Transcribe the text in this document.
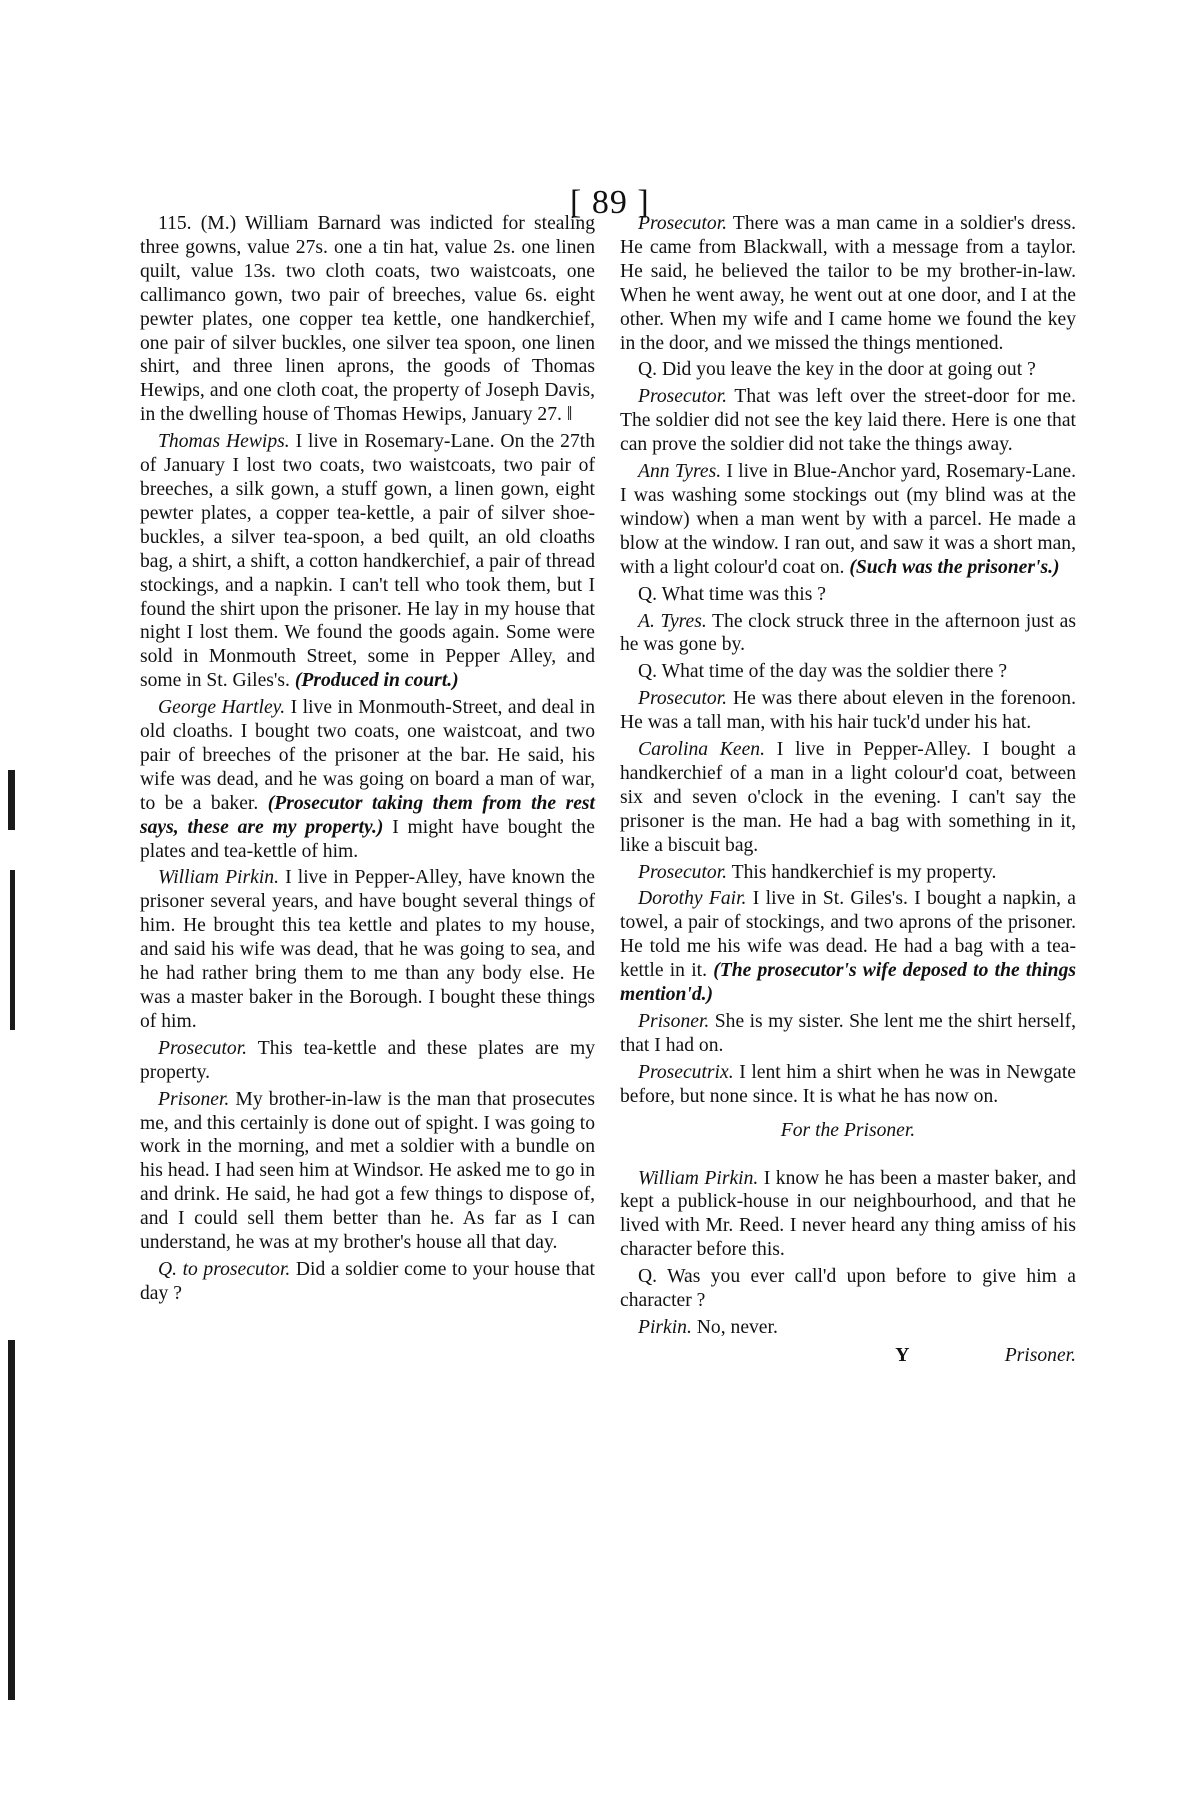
[ 89 ]

115. (M.) William Barnard was indicted for stealing three gowns, value 27s. one a tin hat, value 2s. one linen quilt, value 13s. two cloth coats, two waistcoats, one callimanco gown, two pair of breeches, value 6s. eight pewter plates, one copper tea kettle, one handkerchief, one pair of silver buckles, one silver tea spoon, one linen shirt, and three linen aprons, the goods of Thomas Hewips, and one cloth coat, the property of Joseph Davis, in the dwelling house of Thomas Hewips, January 27. ‖

Thomas Hewips. I live in Rosemary-Lane. On the 27th of January I lost two coats, two waistcoats, two pair of breeches, a silk gown, a stuff gown, a linen gown, eight pewter plates, a copper tea-kettle, a pair of silver shoe-buckles, a silver tea-spoon, a bed quilt, an old cloaths bag, a shirt, a shift, a cotton handkerchief, a pair of thread stockings, and a napkin. I can't tell who took them, but I found the shirt upon the prisoner. He lay in my house that night I lost them. We found the goods again. Some were sold in Monmouth Street, some in Pepper Alley, and some in St. Giles's. (Produced in court.)

George Hartley. I live in Monmouth-Street, and deal in old cloaths. I bought two coats, one waistcoat, and two pair of breeches of the prisoner at the bar. He said, his wife was dead, and he was going on board a man of war, to be a baker. (Prosecutor taking them from the rest says, these are my property.) I might have bought the plates and tea-kettle of him.

William Pirkin. I live in Pepper-Alley, have known the prisoner several years, and have bought several things of him. He brought this tea kettle and plates to my house, and said his wife was dead, that he was going to sea, and he had rather bring them to me than any body else. He was a master baker in the Borough. I bought these things of him.

Prosecutor. This tea-kettle and these plates are my property.

Prisoner. My brother-in-law is the man that prosecutes me, and this certainly is done out of spight. I was going to work in the morning, and met a soldier with a bundle on his head. I had seen him at Windsor. He asked me to go in and drink. He said, he had got a few things to dispose of, and I could sell them better than he. As far as I can understand, he was at my brother's house all that day.

Q. to prosecutor. Did a soldier come to your house that day ?

Prosecutor. There was a man came in a soldier's dress. He came from Blackwall, with a message from a taylor. He said, he believed the tailor to be my brother-in-law. When he went away, he went out at one door, and I at the other. When my wife and I came home we found the key in the door, and we missed the things mentioned.

Q. Did you leave the key in the door at going out ?

Prosecutor. That was left over the street-door for me. The soldier did not see the key laid there. Here is one that can prove the soldier did not take the things away.

Ann Tyres. I live in Blue-Anchor yard, Rosemary-Lane. I was washing some stockings out (my blind was at the window) when a man went by with a parcel. He made a blow at the window. I ran out, and saw it was a short man, with a light colour'd coat on. (Such was the prisoner's.)

Q. What time was this ?

A. Tyres. The clock struck three in the afternoon just as he was gone by.

Q. What time of the day was the soldier there ?

Prosecutor. He was there about eleven in the forenoon. He was a tall man, with his hair tuck'd under his hat.

Carolina Keen. I live in Pepper-Alley. I bought a handkerchief of a man in a light colour'd coat, between six and seven o'clock in the evening. I can't say the prisoner is the man. He had a bag with something in it, like a biscuit bag.

Prosecutor. This handkerchief is my property.

Dorothy Fair. I live in St. Giles's. I bought a napkin, a towel, a pair of stockings, and two aprons of the prisoner. He told me his wife was dead. He had a bag with a tea-kettle in it. (The prosecutor's wife deposed to the things mention'd.)

Prisoner. She is my sister. She lent me the shirt herself, that I had on.

Prosecutrix. I lent him a shirt when he was in Newgate before, but none since. It is what he has now on.

For the Prisoner.

William Pirkin. I know he has been a master baker, and kept a publick-house in our neighbourhood, and that he lived with Mr. Reed. I never heard any thing amiss of his character before this.

Q. Was you ever call'd upon before to give him a character ?

Pirkin. No, never.

Y	Prisoner.
